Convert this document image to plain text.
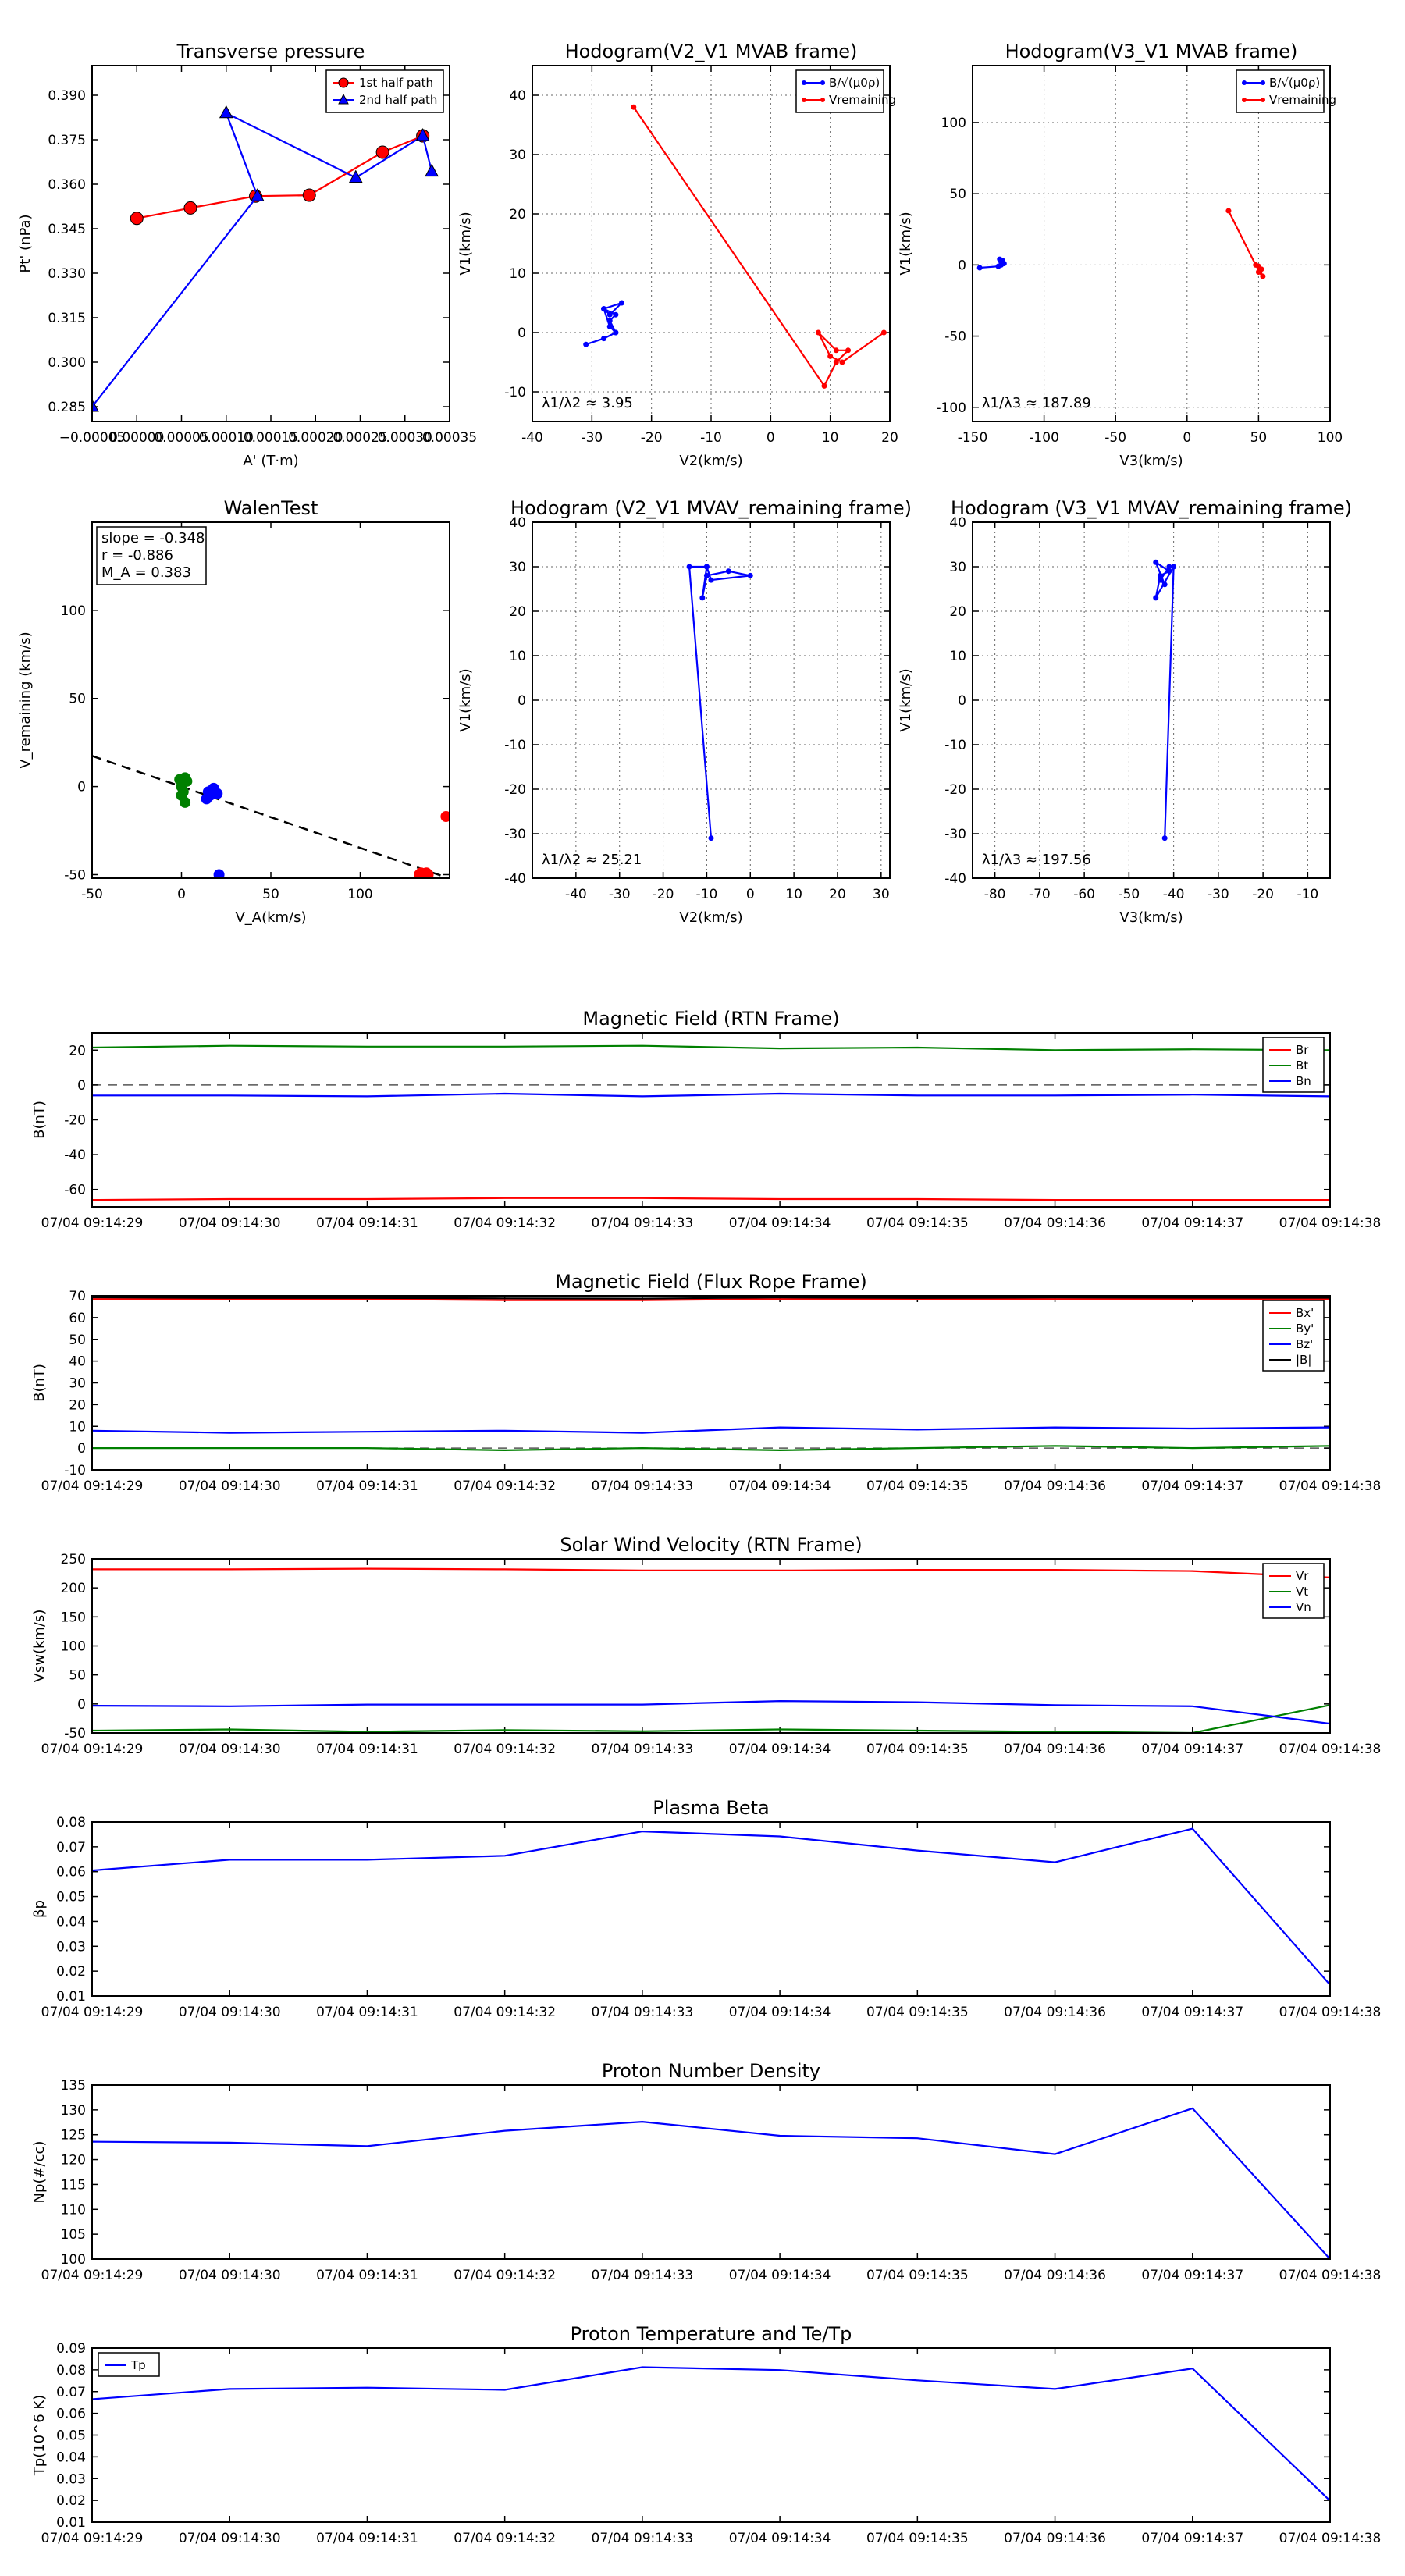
Transverse pressure
0.285
0.300
0.315
0.330
0.345
0.360
0.375
0.390
−0.00005
0.00000
0.00005
0.00010
0.00015
0.00020
0.00025
0.00030
0.00035
A' (T·m)
Pt' (nPa)
1st half path
2nd half path
Hodogram(V2_V1 MVAB frame)
-10
0
10
20
30
40
-40	-30	-20	-10	0	10	20
V2(km/s)
V1(km/s)
λ1/λ2 ≈ 3.95
B/√(μ0ρ)
Vremaining
Hodogram(V3_V1 MVAB frame)
-100
-50
0
50
100
-150	-100	-50	0	50	100
V3(km/s)
V1(km/s)
λ1/λ3 ≈ 187.89
B/√(μ0ρ)
Vremaining
WalenTest
-50
0
50
100
-50	0	50	100
V_A(km/s)
V_remaining (km/s)
slope = -0.348
r = -0.886
M_A = 0.383
Hodogram (V2_V1 MVAV_remaining frame)
-40
-30
-20
-10
0
10
20
30
40
-40 -30 -20 -10 0 10 20 30
V2(km/s)
V1(km/s)
λ1/λ2 ≈ 25.21
Hodogram (V3_V1 MVAV_remaining frame)
-40
-30
-20
-10
0
10
20
30
40
-80 -70 -60 -50 -40 -30 -20 -10
V3(km/s)
V1(km/s)
λ1/λ3 ≈ 197.56
Magnetic Field (RTN Frame)
-60
-40
-20
0
20
07/04 09:14:29	07/04 09:14:30	07/04 09:14:31	07/04 09:14:32	07/04 09:14:33	07/04 09:14:34	07/04 09:14:35	07/04 09:14:36	07/04 09:14:37	07/04 09:14:38
B(nT)
Br
Bt
Bn
Magnetic Field (Flux Rope Frame)
-10
0
10
20
30
40
50
60
70
07/04 09:14:29	07/04 09:14:30	07/04 09:14:31	07/04 09:14:32	07/04 09:14:33	07/04 09:14:34	07/04 09:14:35	07/04 09:14:36	07/04 09:14:37	07/04 09:14:38
B(nT)
Bx'
By'
Bz'
|B|
Solar Wind Velocity (RTN Frame)
-50
0
50
100
150
200
250
07/04 09:14:29	07/04 09:14:30	07/04 09:14:31	07/04 09:14:32	07/04 09:14:33	07/04 09:14:34	07/04 09:14:35	07/04 09:14:36	07/04 09:14:37	07/04 09:14:38
Vsw(km/s)
Vr
Vt
Vn
Plasma Beta
0.01
0.02
0.03
0.04
0.05
0.06
0.07
0.08
07/04 09:14:29	07/04 09:14:30	07/04 09:14:31	07/04 09:14:32	07/04 09:14:33	07/04 09:14:34	07/04 09:14:35	07/04 09:14:36	07/04 09:14:37	07/04 09:14:38
βp
Proton Number Density
100
105
110
115
120
125
130
135
07/04 09:14:29	07/04 09:14:30	07/04 09:14:31	07/04 09:14:32	07/04 09:14:33	07/04 09:14:34	07/04 09:14:35	07/04 09:14:36	07/04 09:14:37	07/04 09:14:38
Np(#/cc)
Proton Temperature and Te/Tp
0.01
0.02
0.03
0.04
0.05
0.06
0.07
0.08
0.09
07/04 09:14:29	07/04 09:14:30	07/04 09:14:31	07/04 09:14:32	07/04 09:14:33	07/04 09:14:34	07/04 09:14:35	07/04 09:14:36	07/04 09:14:37	07/04 09:14:38
Tp(10^6 K)
Tp
